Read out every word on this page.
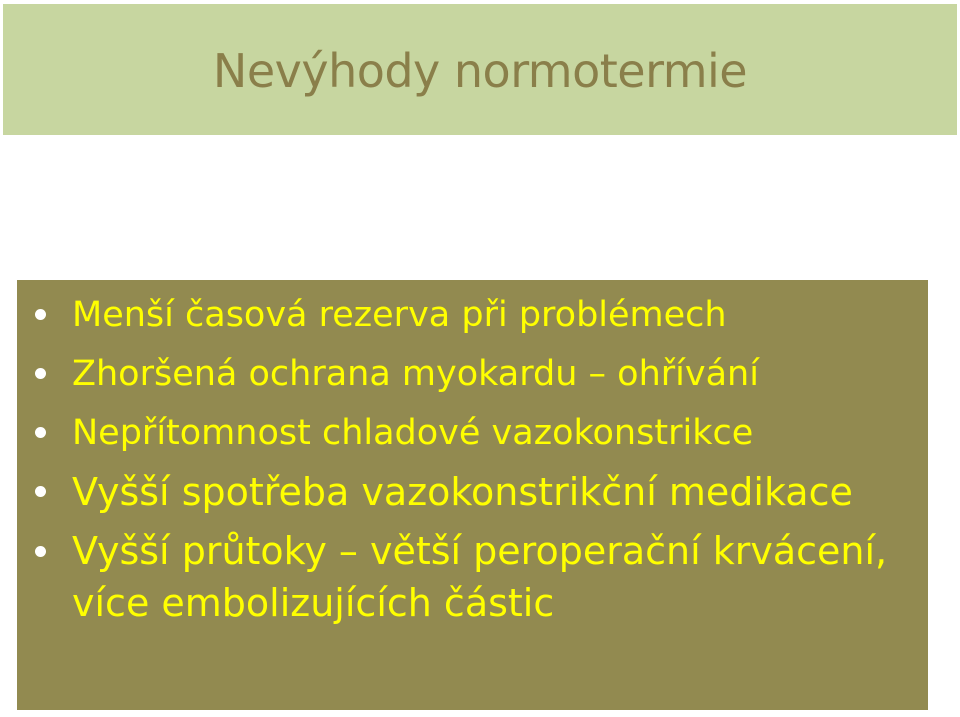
Nevýhody normotermie
Menší časová rezerva při problémech
Zhoršená ochrana myokardu – ohřívání
Nepřítomnost chladové vazokonstrikce
Vyšší spotřeba vazokonstrikční medikace
Vyšší průtoky – větší peroperační krvácení, více embolizujících částic
